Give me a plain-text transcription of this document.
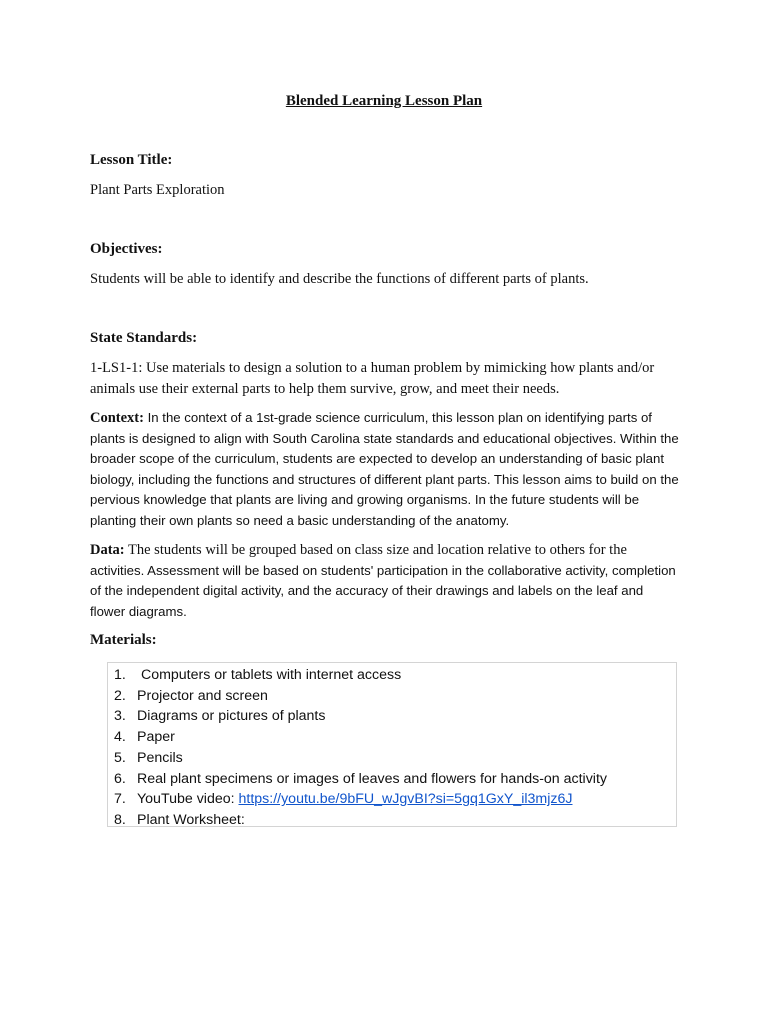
Blended Learning Lesson Plan
Lesson Title:
Plant Parts Exploration
Objectives:
Students will be able to identify and describe the functions of different parts of plants.
State Standards:
1-LS1-1: Use materials to design a solution to a human problem by mimicking how plants and/or animals use their external parts to help them survive, grow, and meet their needs.
Context: In the context of a 1st-grade science curriculum, this lesson plan on identifying parts of plants is designed to align with South Carolina state standards and educational objectives. Within the broader scope of the curriculum, students are expected to develop an understanding of basic plant biology, including the functions and structures of different plant parts. This lesson aims to build on the pervious knowledge that plants are living and growing organisms. In the future students will be planting their own plants so need a basic understanding of the anatomy.
Data: The students will be grouped based on class size and location relative to others for the activities. Assessment will be based on students' participation in the collaborative activity, completion of the independent digital activity, and the accuracy of their drawings and labels on the leaf and flower diagrams.
Materials:
1. Computers or tablets with internet access
2. Projector and screen
3. Diagrams or pictures of plants
4. Paper
5. Pencils
6. Real plant specimens or images of leaves and flowers for hands-on activity
7. YouTube video: https://youtu.be/9bFU_wJgvBI?si=5gq1GxY_il3mjz6J
8. Plant Worksheet:
